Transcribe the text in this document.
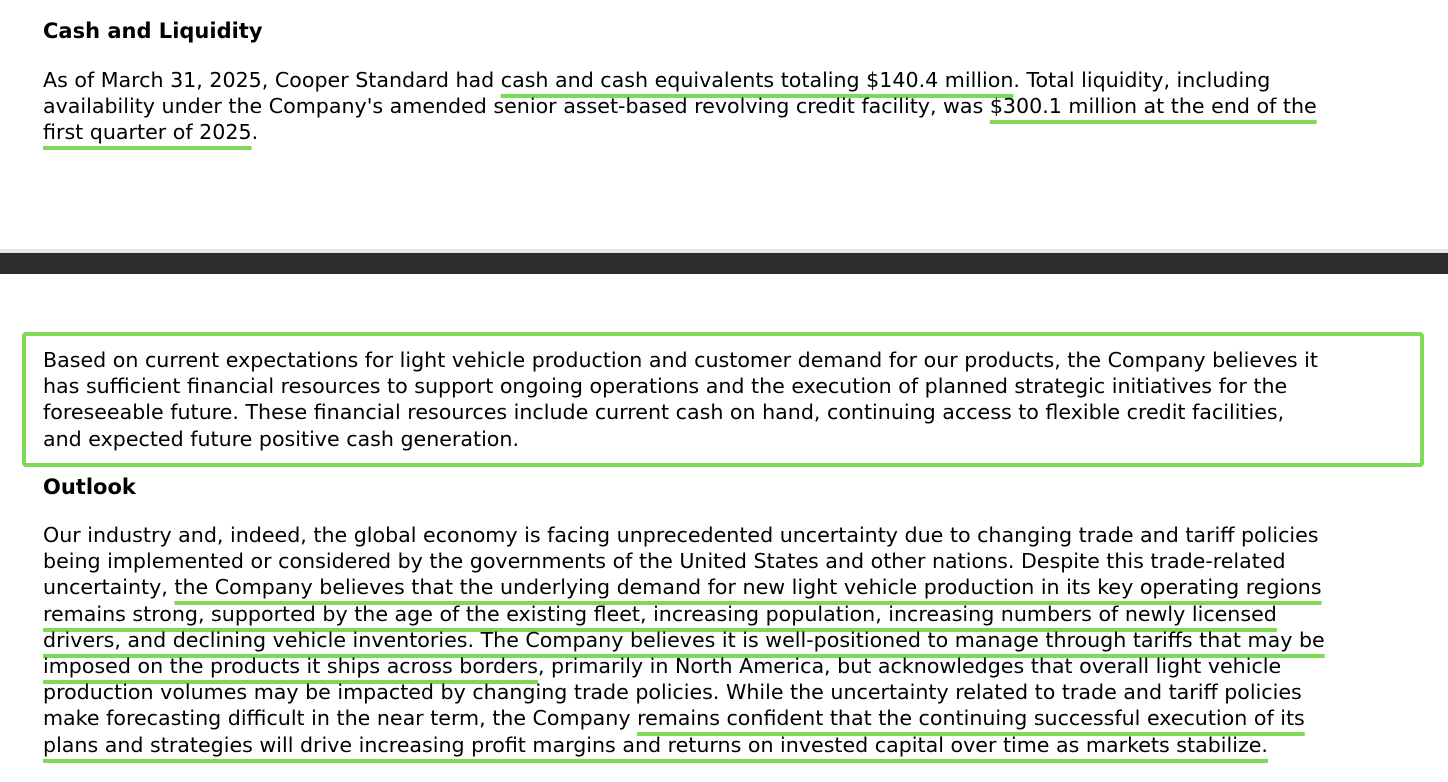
Cash and Liquidity

As of March 31, 2025, Cooper Standard had cash and cash equivalents totaling $140.4 million. Total liquidity, including
availability under the Company's amended senior asset-based revolving credit facility, was $300.1 million at the end of the
first quarter of 2025.

Based on current expectations for light vehicle production and customer demand for our products, the Company believes it
has sufficient financial resources to support ongoing operations and the execution of planned strategic initiatives for the
foreseeable future. These financial resources include current cash on hand, continuing access to flexible credit facilities,
and expected future positive cash generation.

Outlook

Our industry and, indeed, the global economy is facing unprecedented uncertainty due to changing trade and tariff policies
being implemented or considered by the governments of the United States and other nations. Despite this trade-related
uncertainty, the Company believes that the underlying demand for new light vehicle production in its key operating regions
remains strong, supported by the age of the existing fleet, increasing population, increasing numbers of newly licensed
drivers, and declining vehicle inventories. The Company believes it is well-positioned to manage through tariffs that may be
imposed on the products it ships across borders, primarily in North America, but acknowledges that overall light vehicle
production volumes may be impacted by changing trade policies. While the uncertainty related to trade and tariff policies
make forecasting difficult in the near term, the Company remains confident that the continuing successful execution of its
plans and strategies will drive increasing profit margins and returns on invested capital over time as markets stabilize.
